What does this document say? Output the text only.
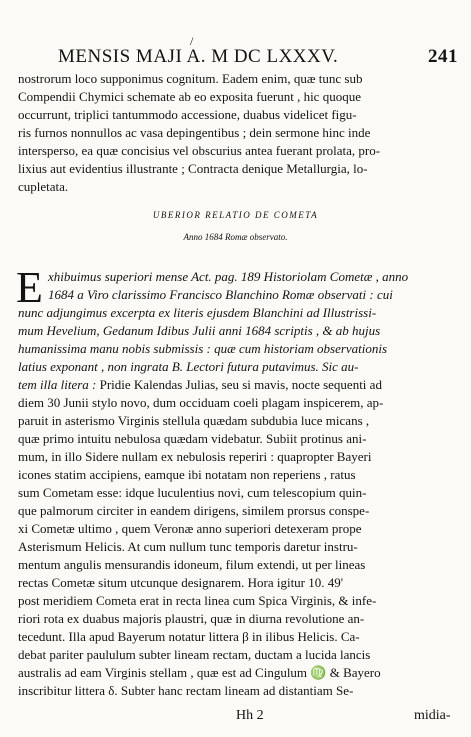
/
MENSIS MAJI A. M DC LXXXV.	241
nostrorum loco supponimus cognitum. Eadem enim, quæ tunc sub
Compendii Chymici schemate ab eo exposita fuerunt , hic quoque
occurrunt, triplici tantummodo accessione, duabus videlicet figu-
ris furnos nonnullos ac vasa depingentibus ; dein sermone hinc inde
interspersо, ea quæ concisius vel obscurius antea fuerant prolata, pro-
lixius aut evidentius illustrante ; Contracta denique Metallurgia, lo-
cupletata.
UBERIOR RELATIO DE COMETA
Anno 1684 Romæ observato.
E xhibuimus superiori mense Act. pag. 189 Historiolam Cometæ , anno
1684 a Viro clarissimo Francisco Blanchino Romæ observati : cui
nunc adjungimus excerpta ex literis ejusdem Blanchini ad Illustrissi-
mum Hevelium, Gedanum Idibus Julii anni 1684 scriptis , & ab hujus
humanissima manu nobis submissis : quæ cum historiam observationis
latius exponant , non ingrata B. Lectori futura putavimus. Sic au-
tem illa litera : Pridie Kalendas Julias, seu si mavis, nocte sequenti ad
diem 30 Junii stylo novo, dum occiduam coeli plagam inspicerem, ap-
paruit in asterismo Virginis stellula quædam subdubia luce micans ,
quæ primo intuitu nebulosa quædam videbatur. Subiit protinus ani-
mum, in illo Sidere nullam ex nebulosis reperiri : quapropter Bayeri
icones statim accipiens, eamque ibi notatam non reperiens , ratus
sum Cometam esse: idque luculentius novi, cum telescopium quin-
que palmorum circiter in eandem dirigens, similem prorsus conspe-
xi Cometæ ultimo , quem Veronæ anno superiori detexeram prope
Asterismum Helicis. At cum nullum tunc temporis daretur instru-
mentum angulis mensurandis idoneum, filum extendi, ut per lineas
rectas Cometæ situm utcunque designarem. Hora igitur 10. 49'
post meridiem Cometa erat in recta linea cum Spica Virginis, & infe-
riori rota ex duabus majoris plaustri, quæ in diurna revolutione an-
tecedunt. Illa apud Bayerum notatur littera β in ilibus Helicis. Ca-
debat pariter paululum subter lineam rectam, ductam a lucida lancis
australis ad eam Virginis stellam , quæ est ad Cingulum ♍ & Bayero
inscribitur littera δ. Subter hanc rectam lineam ad distantiam Se-
Hh 2	midia-
